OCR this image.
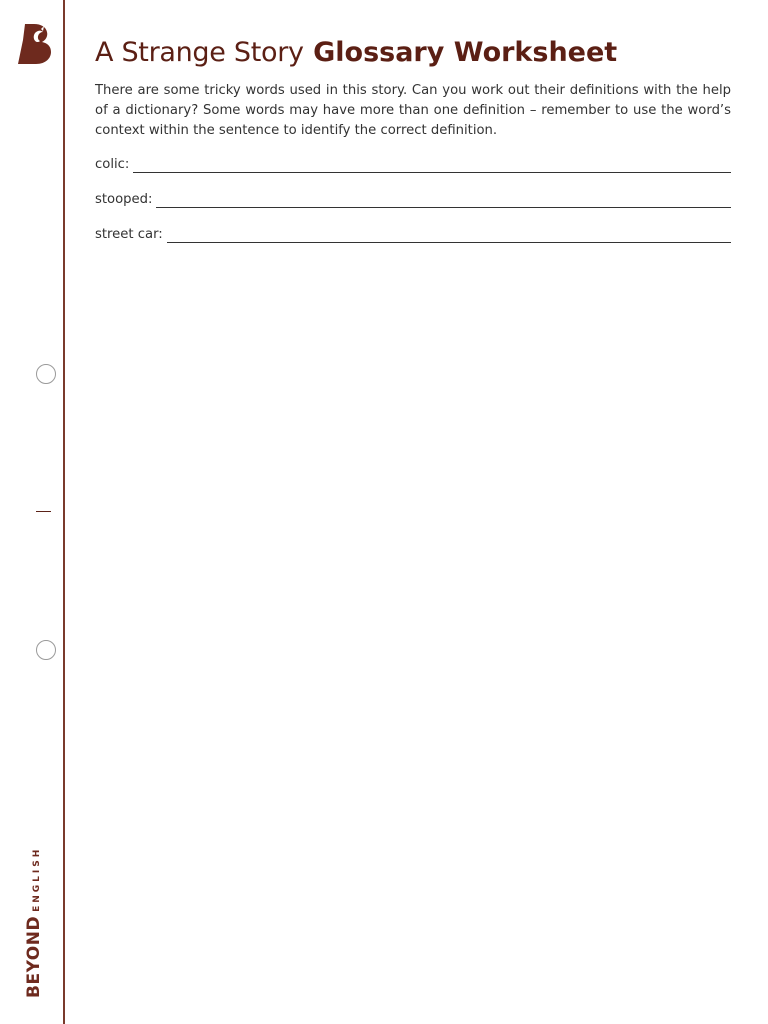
BEYONDENGLISH
A Strange Story Glossary Worksheet

There are some tricky words used in this story. Can you work out their definitions with the help of a dictionary? Some words may have more than one definition – remember to use the word’s context within the sentence to identify the correct definition.

colic:
stooped:
street car:
